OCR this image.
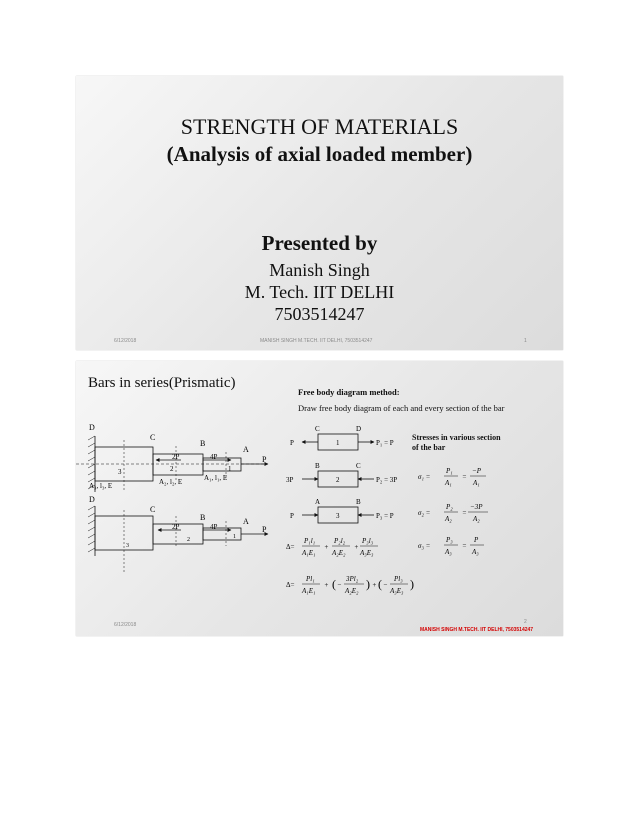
STRENGTH OF MATERIALS
(Analysis of axial loaded member)
Presented by
Manish Singh
M. Tech. IIT DELHI
7503514247
6/12/2018	MANISH SINGH M.TECH. IIT DELHI, 7503514247	1
Bars in series(Prismatic)
D
C
B
A
P
2P	4P
1
2
3
A₁, l₁, E
A₂, l₂, E
A₃, l₃, E
D
C
B	A
P
2P	4P
1
2
3
Free body diagram method:
Draw free body diagram of each and every section of the bar
C	D
P	1	P₁ = P
B	C
3P	2	P₂ = 3P
A	B
P	3	P₃ = P
Stresses in various section
of the bar
σ₁ =
P₁
A₁
=
−P
A₁
σ₂ =
P₂
A₂
=
−3P
A₂
σ₃ =
P₃
A₃
=
P
A₃
Δ=
P₁l₁
A₁E₁
+
P₂l₂
A₂E₂
+
P₃l₃
A₃E₃
Δ=
Pl₁
A₁E₁
+ ( −
3Pl₂
A₂E₂ ) + ( −
Pl₃
A₃E₃ )
6/12/2018	2
MANISH SINGH M.TECH. IIT DELHI, 7503514247
